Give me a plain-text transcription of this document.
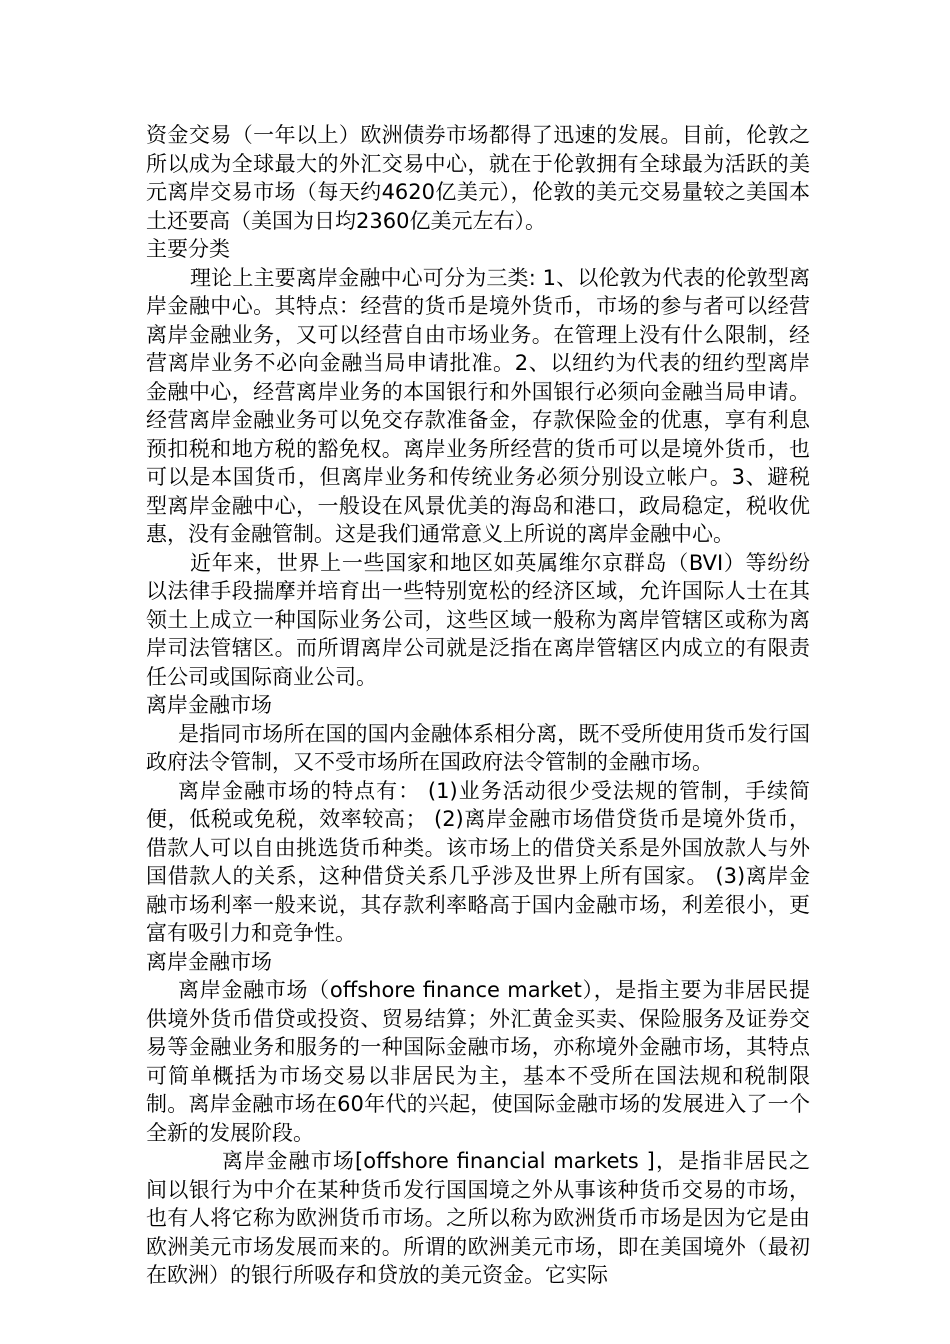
资金交易（一年以上）欧洲债券市场都得了迅速的发展。目前，伦敦之所以成为全球最大的外汇交易中心，就在于伦敦拥有全球最为活跃的美元离岸交易市场（每天约4620亿美元），伦敦的美元交易量较之美国本土还要高（美国为日均2360亿美元左右）。

主要分类

理论上主要离岸金融中心可分为三类: 1、以伦敦为代表的伦敦型离岸金融中心。其特点：经营的货币是境外货币，市场的参与者可以经营离岸金融业务，又可以经营自由市场业务。在管理上没有什么限制，经营离岸业务不必向金融当局申请批准。2、以纽约为代表的纽约型离岸金融中心，经营离岸业务的本国银行和外国银行必须向金融当局申请。经营离岸金融业务可以免交存款准备金，存款保险金的优惠，享有利息预扣税和地方税的豁免权。离岸业务所经营的货币可以是境外货币，也可以是本国货币，但离岸业务和传统业务必须分别设立帐户。3、避税型离岸金融中心，一般设在风景优美的海岛和港口，政局稳定，税收优惠，没有金融管制。这是我们通常意义上所说的离岸金融中心。

近年来，世界上一些国家和地区如英属维尔京群岛（BVI）等纷纷以法律手段揣摩并培育出一些特别宽松的经济区域，允许国际人士在其领土上成立一种国际业务公司，这些区域一般称为离岸管辖区或称为离岸司法管辖区。而所谓离岸公司就是泛指在离岸管辖区内成立的有限责任公司或国际商业公司。

离岸金融市场

是指同市场所在国的国内金融体系相分离，既不受所使用货币发行国政府法令管制，又不受市场所在国政府法令管制的金融市场。

离岸金融市场的特点有： (1)业务活动很少受法规的管制，手续简便，低税或免税，效率较高； (2)离岸金融市场借贷货币是境外货币，借款人可以自由挑选货币种类。该市场上的借贷关系是外国放款人与外国借款人的关系，这种借贷关系几乎涉及世界上所有国家。 (3)离岸金融市场利率一般来说，其存款利率略高于国内金融市场，利差很小，更富有吸引力和竞争性。

离岸金融市场

离岸金融市场（offshore finance market），是指主要为非居民提供境外货币借贷或投资、贸易结算；外汇黄金买卖、保险服务及证券交易等金融业务和服务的一种国际金融市场，亦称境外金融市场，其特点可简单概括为市场交易以非居民为主，基本不受所在国法规和税制限制。离岸金融市场在60年代的兴起，使国际金融市场的发展进入了一个全新的发展阶段。

离岸金融市场[offshore financial markets ]，是指非居民之间以银行为中介在某种货币发行国国境之外从事该种货币交易的市场，也有人将它称为欧洲货币市场。之所以称为欧洲货币市场是因为它是由欧洲美元市场发展而来的。所谓的欧洲美元市场，即在美国境外（最初在欧洲）的银行所吸存和贷放的美元资金。它实际
